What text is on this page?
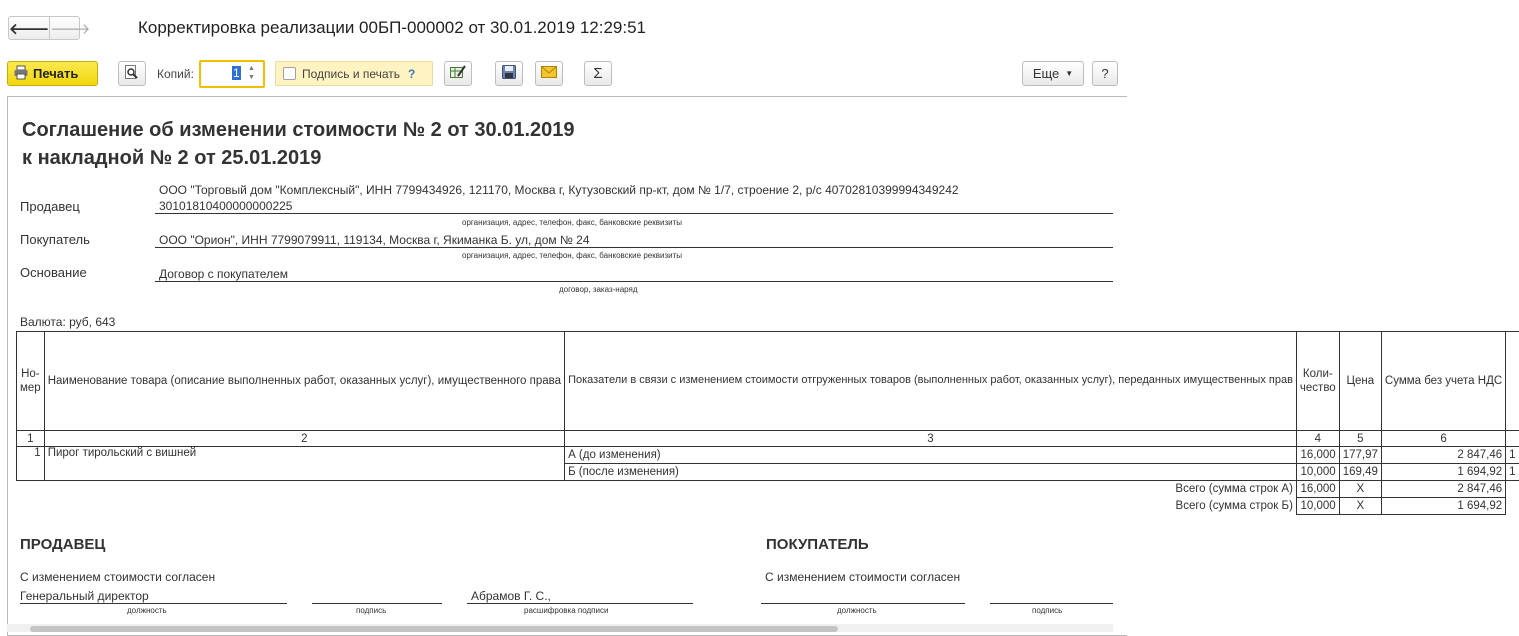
🡐 🡒	Корректировка реализации 00БП-000002 от 30.01.2019 12:29:51
Печать	Копий:	1 ▲
▼	Подпись и печать ?	Σ	Еще ▼	?
Соглашение об изменении стоимости № 2 от 30.01.2019
к накладной № 2 от 25.01.2019
Продавец
ООО "Торговый дом "Комплексный", ИНН 7799434926, 121170, Москва г, Кутузовский пр-кт, дом № 1/7, строение 2, р/с 40702810399994349242
30101810400000000225
организация, адрес, телефон, факс, банковские реквизиты
Покупатель	ООО "Орион", ИНН 7799079911, 119134, Москва г, Якиманка Б. ул, дом № 24
организация, адрес, телефон, факс, банковские реквизиты
Основание	Договор с покупателем
договор, заказ-наряд
Валюта: руб, 643
Но-
мер	Наименование товара (описание выполненных работ, оказанных услуг), имущественного права	Показатели в связи с изменением стоимости отгруженных товаров (выполненных работ, оказанных услуг), переданных имущественных прав	Коли-
чество	Цена	Сумма без учета НДС	
1	2	3	4	5	6	
1	Пирог тирольский с вишней	А (до изменения)	16,000	177,97	2 847,46	1
		Б (после изменения)	10,000	169,49	1 694,92	1
Всего (сумма строк А)			16,000	X	2 847,46	
Всего (сумма строк Б)			10,000	X	1 694,92	
ПРОДАВЕЦ	ПОКУПАТЕЛЬ
С изменением стоимости согласен	С изменением стоимости согласен
Генеральный директор	Абрамов Г. С.,
должность	подпись	расшифровка подписи	должность	подпись
